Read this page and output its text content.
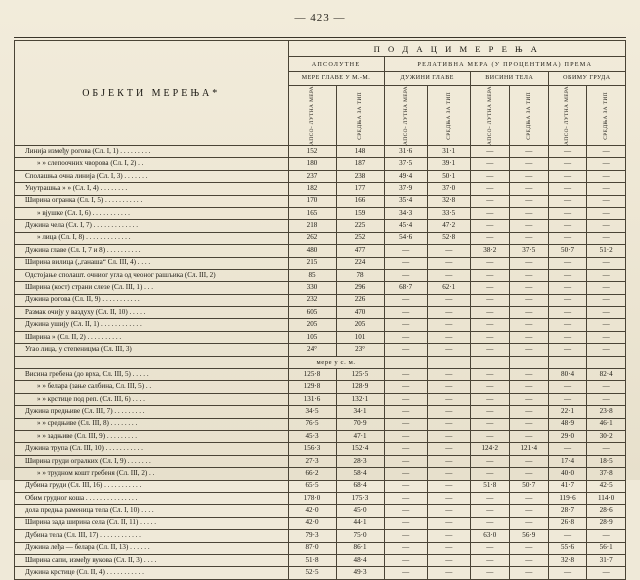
— 423 —
ОБЈЕКТИ МЕРЕЊА*	П О Д А Ц И М Е Р Е Њ А							
	АПСОЛУТНЕ		РЕЛАТИВНА МЕРА (У ПРОЦЕНТИМА) ПРЕМА					
	МЕРЕ ГЛАВЕ У М.-М.		ДУЖИНИ ГЛАВЕ		ВИСИНИ ТЕЛА		ОБИМУ ГРУДА	

	АПСО- ЛУТНА МЕРА	СРЕДЊА ЗА ТИП	АПСО- ЛУТНА МЕРА	СРЕДЊА ЗА ТИП	АПСО- ЛУТНА МЕРА	СРЕДЊА ЗА ТИП	АПСО- ЛУТНА МЕРА	СРЕДЊА ЗА ТИП

Линија између рогова (Сл. I, 1) . . . . . . . . .	152	148	31·6	31·1	—	—	—	—
» » слепоочних чворова (Сл. I, 2) . .	180	187	37·5	39·1	—	—	—	—
Сполашња очна линија (Сл. I, 3) . . . . . . .	237	238	49·4	50·1	—	—	—	—
Унутрашња » » (Сл. I, 4) . . . . . . . .	182	177	37·9	37·0	—	—	—	—
Ширина огранка (Сл. I, 5) . . . . . . . . . . .	170	166	35·4	32·8	—	—	—	—
» вјушке (Сл. I, 6) . . . . . . . . . . .	165	159	34·3	33·5	—	—	—	—
Дужина чела (Сл. I, 7) . . . . . . . . . . . . .	218	225	45·4	47·2	—	—	—	—
» лица (Сл. I, 8) . . . . . . . . . . . . .	262	252	54·6	52·8	—	—	—	—
Дужина главе (Сл. I, 7 и 8) . . . . . . . . . .	480	477	—	—	38·2	37·5	50·7	51·2
Ширина вилица (,,ганаша“ Сл. III, 4) . . . .	215	224	—	—	—	—	—	—
Одстојање сполашт. очниог угла од чеоног рашљика (Сл. III, 2)	85	78	—	—	—	—	—	—
Ширина (кост) страни слезе (Сл. III, 1) . . .	330	296	68·7	62·1	—	—	—	—
Дужина рогова (Сл. II, 9) . . . . . . . . . . .	232	226	—	—	—	—	—	—
Размак очију у ваздуху (Сл. II, 10) . . . . .	605	470	—	—	—	—	—	—
Дужина ушију (Сл. II, 1) . . . . . . . . . . . .	205	205	—	—	—	—	—	—
Ширина » (Сл. II, 2) . . . . . . . . . .	105	101	—	—	—	—	—	—
Угао лица, у степеницма (Сл. III, 3)	24°	23°	—	—	—	—	—	—
	мере у с. м.							
Висина гребена (до врха, Сл. III, 5) . . . . .	125·8	125·5	—	—	—	—	80·4	82·4
» » белара (зање салбина, Сл. III, 5) . .	129·8	128·9	—	—	—	—	—	—
» » крстице под реп. (Сл. III, 6) . . . .	131·6	132·1	—	—	—	—	—	—
Дужина предњиве (Сл. III, 7) . . . . . . . . .	34·5	34·1	—	—	—	—	22·1	23·8
» » средњиве (Сл. III, 8) . . . . . . . .	76·5	70·9	—	—	—	—	48·9	46·1
» » задњиве (Сл. III, 9) . . . . . . . . .	45·3	47·1	—	—	—	—	29·0	30·2
Дужина трупа (Сл. III, 10) . . . . . . . . . . .	156·3	152·4	—	—	124·2	121·4	—	—
Ширина груди огралких (Сл. I, 9) . . . . . . .	27·3	28·3	—	—	—	—	17·4	18·5
» » трудном кошт гребеня (Сл. III, 2) . .	66·2	58·4	—	—	—	—	40·0	37·8
Дубина груди (Сл. III, 16) . . . . . . . . . . .	65·5	68·4	—	—	51·8	50·7	41·7	42·5
Обим грудног коша . . . . . . . . . . . . . . .	178·0	175·3	—	—	—	—	119·6	114·0
дола предња раменица тела (Сл. I, 10) . . . .	42·0	45·0	—	—	—	—	28·7	28·6
Ширина зада ширина села (Сл. II, 11) . . . . .	42·0	44·1	—	—	—	—	26·8	28·9
Дубина тела (Сл. III, 17) . . . . . . . . . . . .	79·3	75·0	—	—	63·0	56·9	—	—
Дужина леђа — белара (Сл. II, 13) . . . . . .	87·0	86·1	—	—	—	—	55·6	56·1
Ширина сапи, између вукова (Сл. II, 3) . . . .	51·8	48·4	—	—	—	—	32·8	31·7
Дужина крстице (Сл. II, 4) . . . . . . . . . . .	52·5	49·3	—	—	—	—	—	—
